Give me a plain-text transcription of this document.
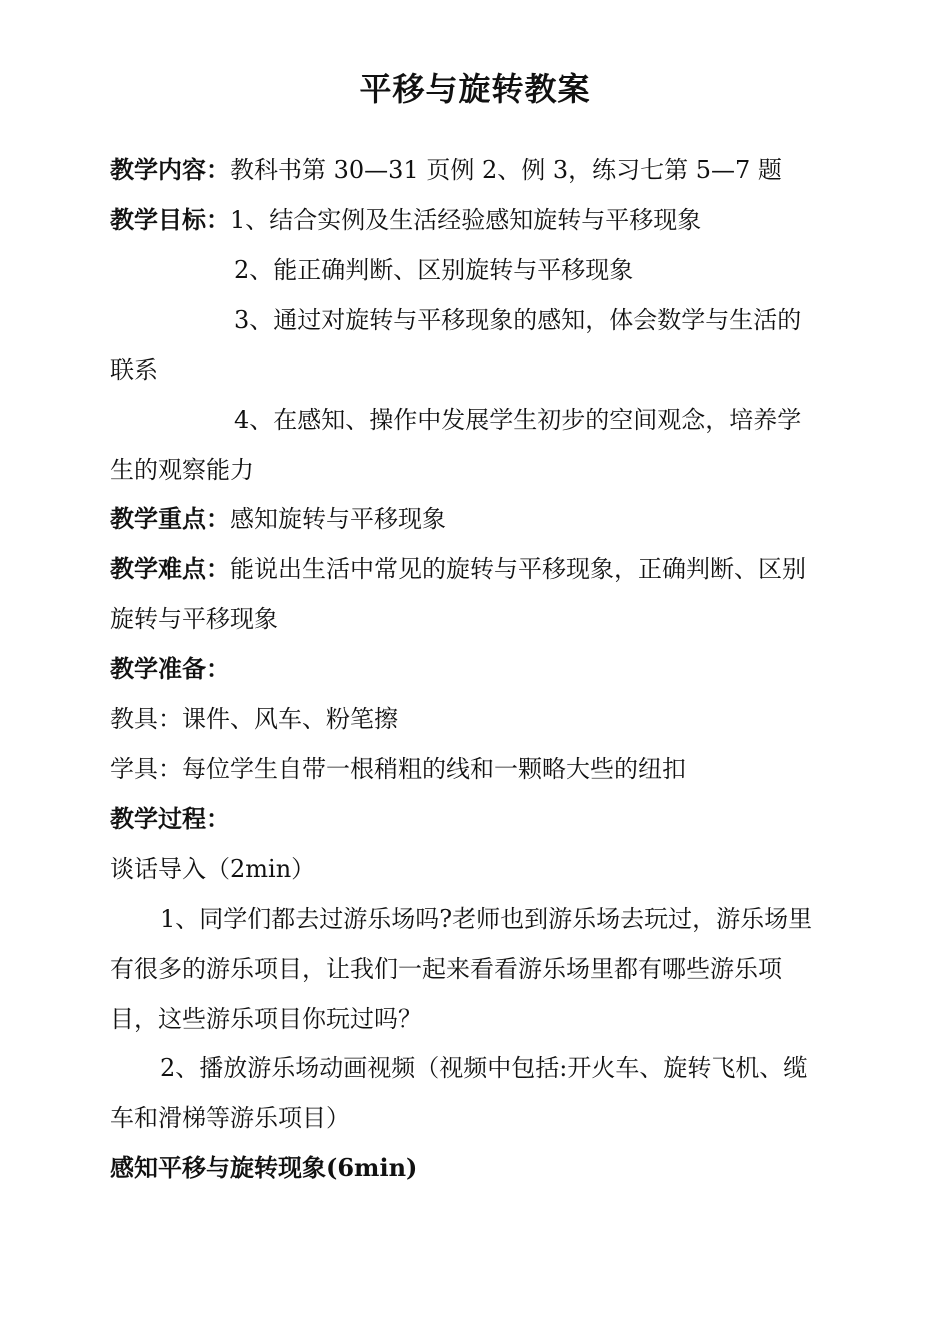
平移与旋转教案
教学内容：教科书第 30—31 页例 2、例 3，练习七第 5—7 题
教学目标：1、结合实例及生活经验感知旋转与平移现象
2、能正确判断、区别旋转与平移现象
3、通过对旋转与平移现象的感知，体会数学与生活的
联系
4、在感知、操作中发展学生初步的空间观念，培养学
生的观察能力
教学重点：感知旋转与平移现象
教学难点：能说出生活中常见的旋转与平移现象，正确判断、区别
旋转与平移现象
教学准备：
教具：课件、风车、粉笔擦
学具：每位学生自带一根稍粗的线和一颗略大些的纽扣
教学过程：
谈话导入（2min）
1、同学们都去过游乐场吗?老师也到游乐场去玩过，游乐场里
有很多的游乐项目，让我们一起来看看游乐场里都有哪些游乐项
目，这些游乐项目你玩过吗？
2、播放游乐场动画视频（视频中包括:开火车、旋转飞机、缆
车和滑梯等游乐项目）
感知平移与旋转现象(6min)
